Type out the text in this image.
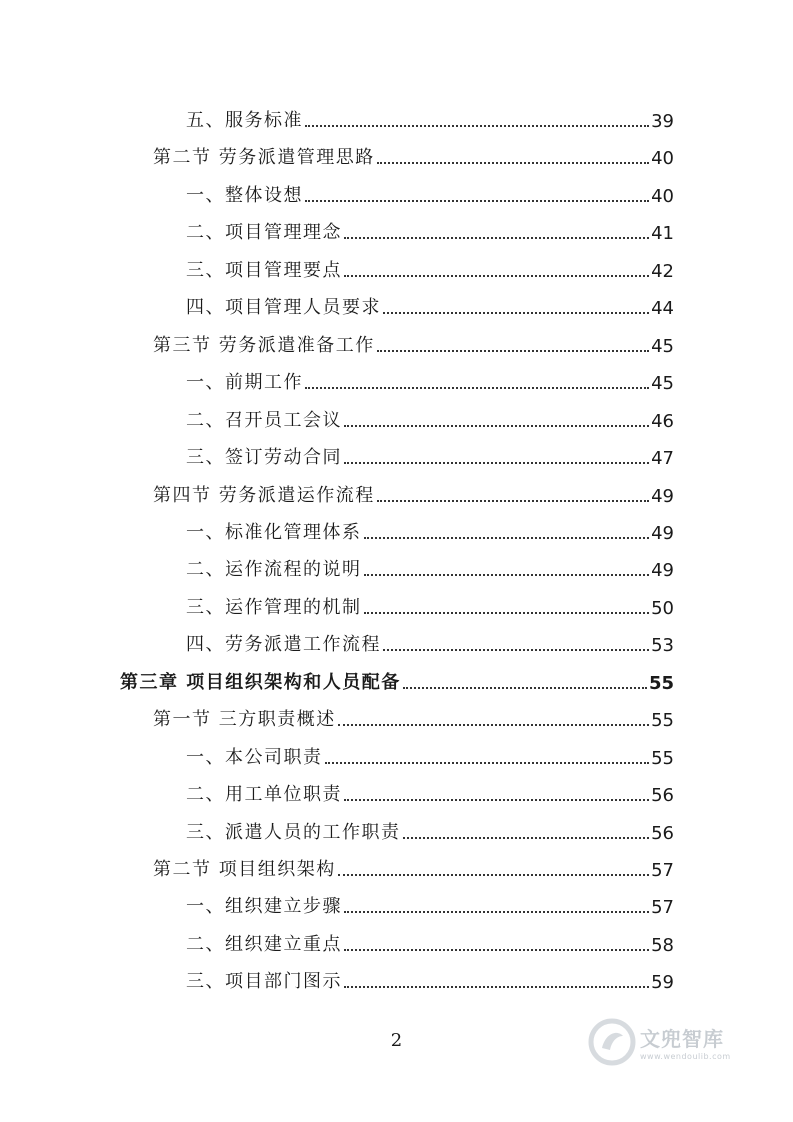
五、服务标准	39
第二节 劳务派遣管理思路	40
一、整体设想	40
二、项目管理理念	41
三、项目管理要点	42
四、项目管理人员要求	44
第三节 劳务派遣准备工作	45
一、前期工作	45
二、召开员工会议	46
三、签订劳动合同	47
第四节 劳务派遣运作流程	49
一、标准化管理体系	49
二、运作流程的说明	49
三、运作管理的机制	50
四、劳务派遣工作流程	53
第三章 项目组织架构和人员配备	55
第一节 三方职责概述	55
一、本公司职责	55
二、用工单位职责	56
三、派遣人员的工作职责	56
第二节 项目组织架构	57
一、组织建立步骤	57
二、组织建立重点	58
三、项目部门图示	59
2	文兜智库
www.wendoulib.com
